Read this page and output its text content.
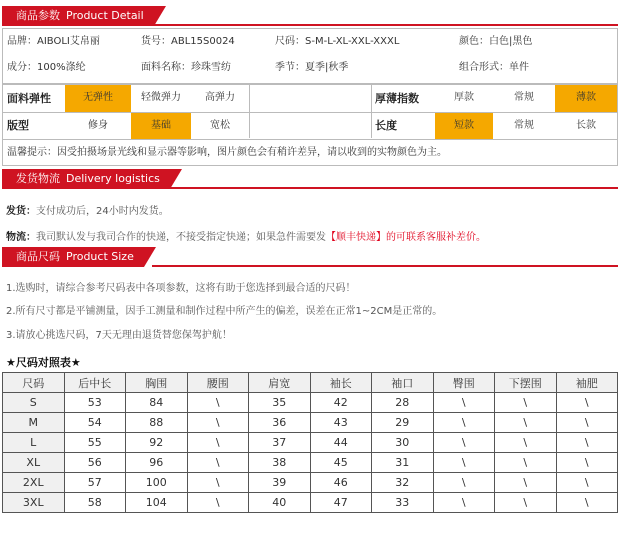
商品参数 Product Detail
品牌：AIBOLI艾帛丽	货号：ABL15S0024	尺码：S-M-L-XL-XXL-XXXL	颜色：白色|黑色
成分：100%涤纶	面料名称：珍珠雪纺	季节：夏季|秋季	组合形式：单件
面料弹性	无弹性	轻微弹力	高弹力	厚薄指数	厚款	常规	薄款
版型	修身	基础	宽松	长度	短款	常规	长款
温馨提示：因受拍摄场景光线和显示器等影响，图片颜色会有稍许差异，请以收到的实物颜色为主。
发货物流 Delivery logistics
发货：支付成功后，24小时内发货。
物流：我司默认发与我司合作的快递，不接受指定快递；如果急件需要发【顺丰快递】的可联系客服补差价。
商品尺码 Product Size
1.选购时，请综合参考尺码表中各项参数，这将有助于您选择到最合适的尺码！
2.所有尺寸都是平铺测量，因手工测量和制作过程中所产生的偏差，误差在正常1~2CM是正常的。
3.请放心挑选尺码，7天无理由退货替您保驾护航！
★尺码对照表★
尺码	后中长	胸围	腰围	肩宽	袖长	袖口	臀围	下摆围	袖肥
S	53	84	\	35	42	28	\	\	\
M	54	88	\	36	43	29	\	\	\
L	55	92	\	37	44	30	\	\	\
XL	56	96	\	38	45	31	\	\	\
2XL	57	100	\	39	46	32	\	\	\
3XL	58	104	\	40	47	33	\	\	\
